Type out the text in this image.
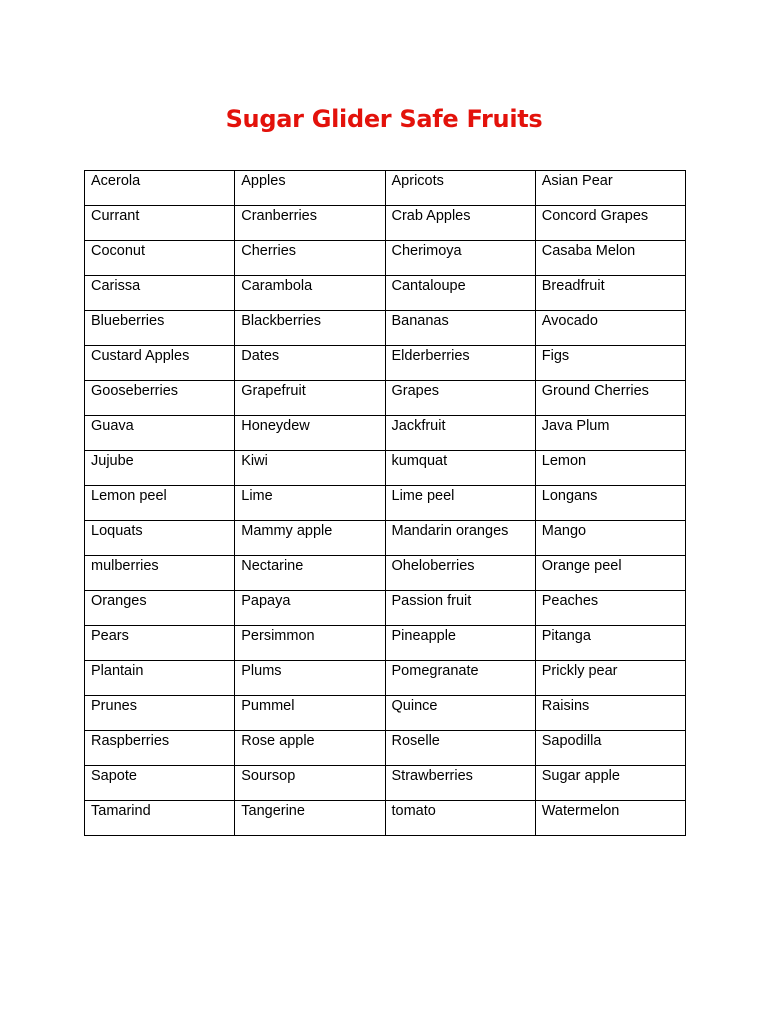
Sugar Glider Safe Fruits
Acerola	Apples	Apricots	Asian Pear

Currant	Cranberries	Crab Apples	Concord Grapes

Coconut	Cherries	Cherimoya	Casaba Melon

Carissa	Carambola	Cantaloupe	Breadfruit

Blueberries	Blackberries	Bananas	Avocado

Custard Apples	Dates	Elderberries	Figs

Gooseberries	Grapefruit	Grapes	Ground Cherries

Guava	Honeydew	Jackfruit	Java Plum

Jujube	Kiwi	kumquat	Lemon

Lemon peel	Lime	Lime peel	Longans

Loquats	Mammy apple	Mandarin oranges	Mango

mulberries	Nectarine	Oheloberries	Orange peel

Oranges	Papaya	Passion fruit	Peaches

Pears	Persimmon	Pineapple	Pitanga

Plantain	Plums	Pomegranate	Prickly pear

Prunes	Pummel	Quince	Raisins

Raspberries	Rose apple	Roselle	Sapodilla

Sapote	Soursop	Strawberries	Sugar apple

Tamarind	Tangerine	tomato	Watermelon
